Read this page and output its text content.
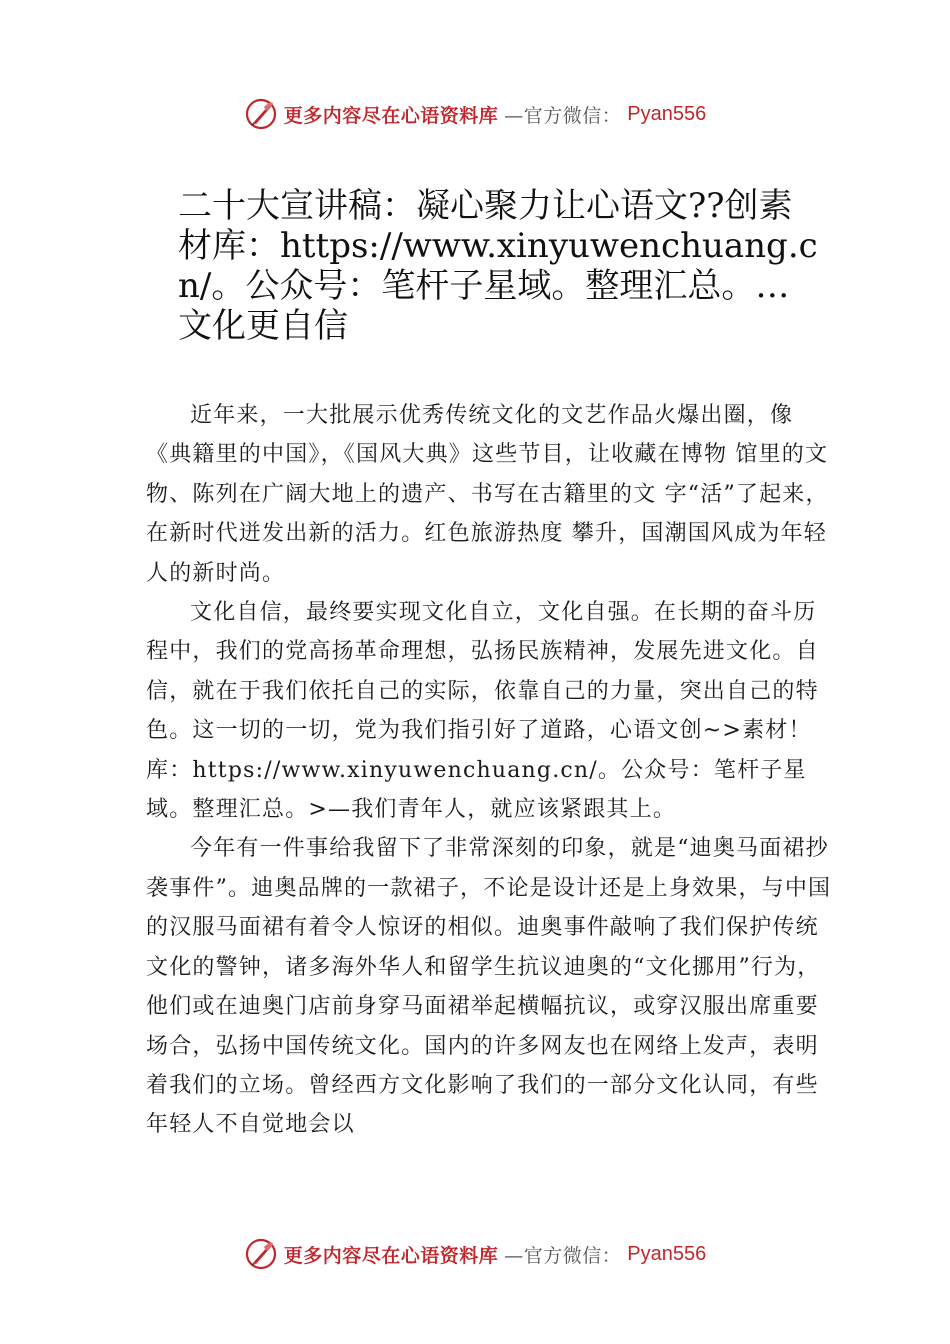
更多内容尽在心语资料库 —官方微信： Pyan556
二十大宣讲稿：凝心聚力让心语文??创素材库：https://www.xinyuwenchuang.cn/。公众号：笔杆子星域。整理汇总。…文化更自信

近年来，一大批展示优秀传统文化的文艺作品火爆出圈，像《典籍里的中国》，《国风大典》这些节目，让收藏在博物 馆里的文物、陈列在广阔大地上的遗产、书写在古籍里的文 字“活”了起来，在新时代迸发出新的活力。红色旅游热度 攀升，国潮国风成为年轻人的新时尚。

文化自信，最终要实现文化自立，文化自强。在长期的奋斗历程中，我们的党高扬革命理想，弘扬民族精神，发展先进文化。自信，就在于我们依托自己的实际，依靠自己的力量，突出自己的特色。这一切的一切，党为我们指引好了道路，心语文创~>素材！库：https://www.xinyuwenchuang.cn/。公众号：笔杆子星域。整理汇总。>—我们青年人，就应该紧跟其上。

今年有一件事给我留下了非常深刻的印象，就是“迪奥马面裙抄袭事件”。迪奥品牌的一款裙子，不论是设计还是上身效果，与中国的汉服马面裙有着令人惊讶的相似。迪奥事件敲响了我们保护传统文化的警钟，诸多海外华人和留学生抗议迪奥的“文化挪用”行为，他们或在迪奥门店前身穿马面裙举起横幅抗议，或穿汉服出席重要场合，弘扬中国传统文化。国内的许多网友也在网络上发声，表明着我们的立场。曾经西方文化影响了我们的一部分文化认同，有些年轻人不自觉地会以

更多内容尽在心语资料库 —官方微信： Pyan556
